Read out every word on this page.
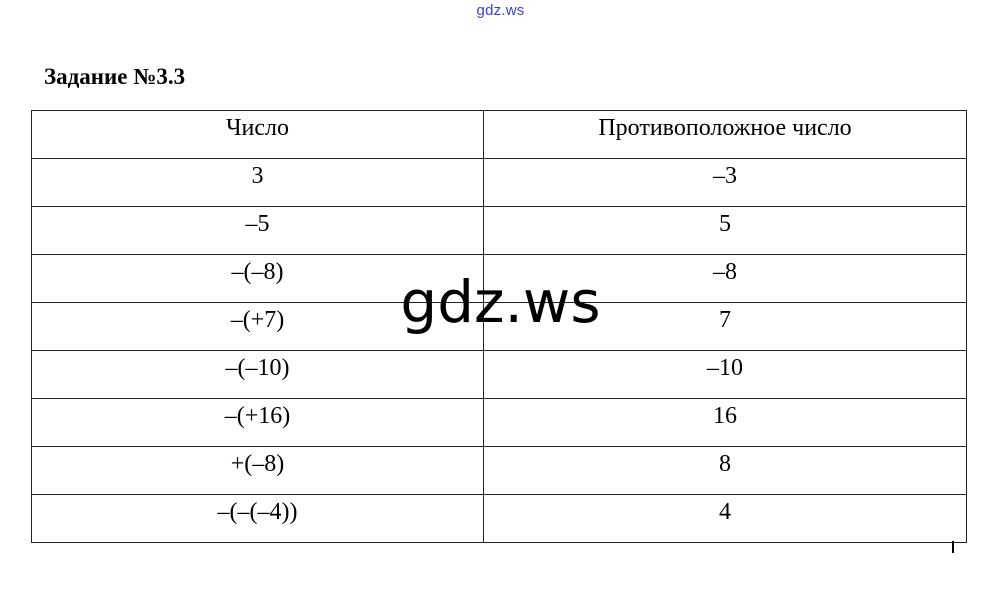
gdz.ws
Задание №3.3
Число	Противоположное число
3	–3
–5	5
–(–8)	–8
–(+7)	7
–(–10)	–10
–(+16)	16
+(–8)	8
–(–(–4))	4
gdz.ws
